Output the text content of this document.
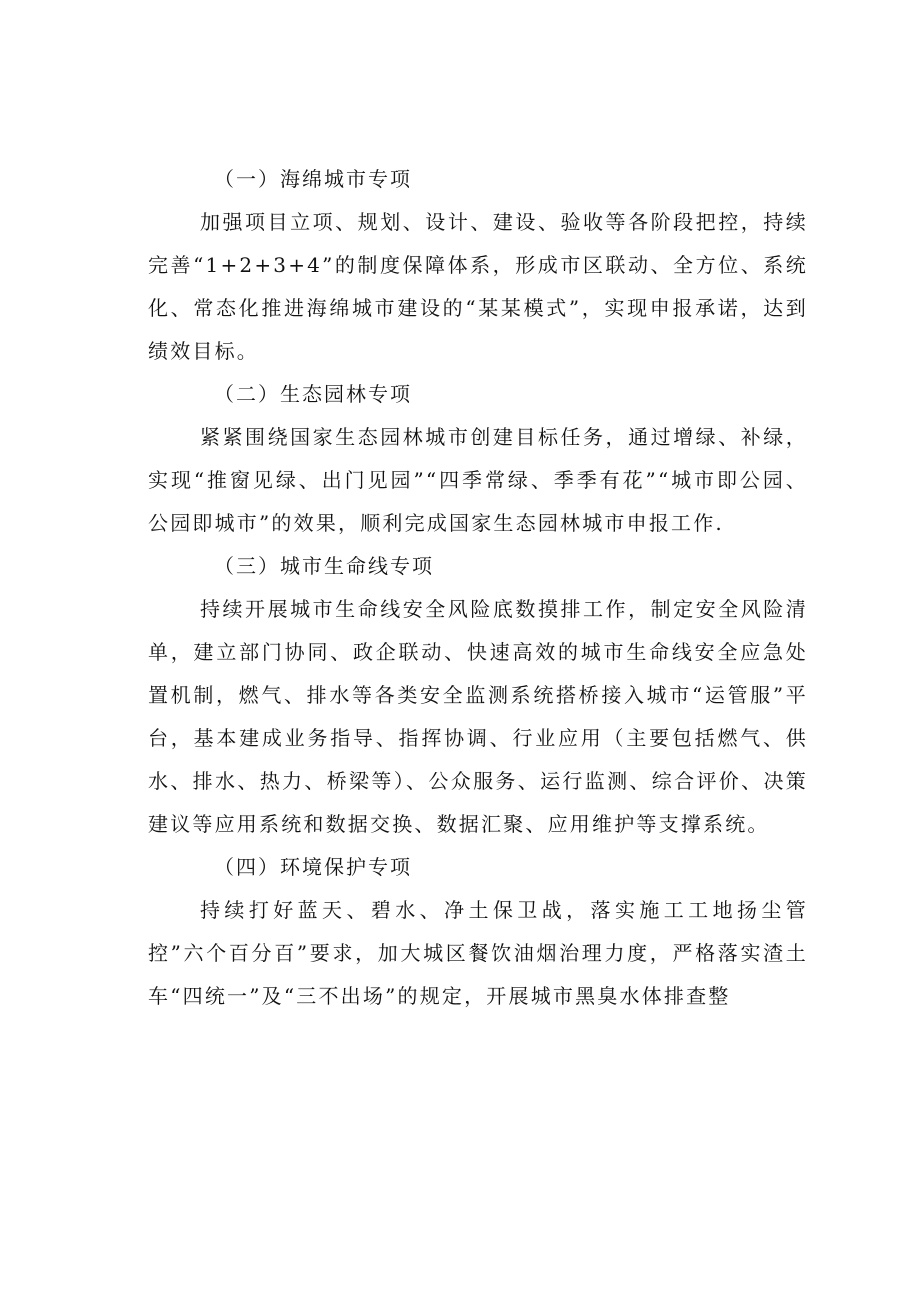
（一）海绵城市专项

加强项目立项、规划、设计、建设、验收等各阶段把控，持续完善“1+2+3+4”的制度保障体系，形成市区联动、全方位、系统化、常态化推进海绵城市建设的“某某模式”，实现申报承诺，达到绩效目标。

（二）生态园林专项

紧紧围绕国家生态园林城市创建目标任务，通过增绿、补绿，实现“推窗见绿、出门见园”“四季常绿、季季有花”“城市即公园、公园即城市”的效果，顺利完成国家生态园林城市申报工作.

（三）城市生命线专项

持续开展城市生命线安全风险底数摸排工作，制定安全风险清单，建立部门协同、政企联动、快速高效的城市生命线安全应急处置机制，燃气、排水等各类安全监测系统搭桥接入城市“运管服”平台，基本建成业务指导、指挥协调、行业应用（主要包括燃气、供水、排水、热力、桥梁等）、公众服务、运行监测、综合评价、决策建议等应用系统和数据交换、数据汇聚、应用维护等支撑系统。

（四）环境保护专项

持续打好蓝天、碧水、净土保卫战，落实施工工地扬尘管控”六个百分百”要求，加大城区餐饮油烟治理力度，严格落实渣土车“四统一”及“三不出场”的规定，开展城市黑臭水体排查整
